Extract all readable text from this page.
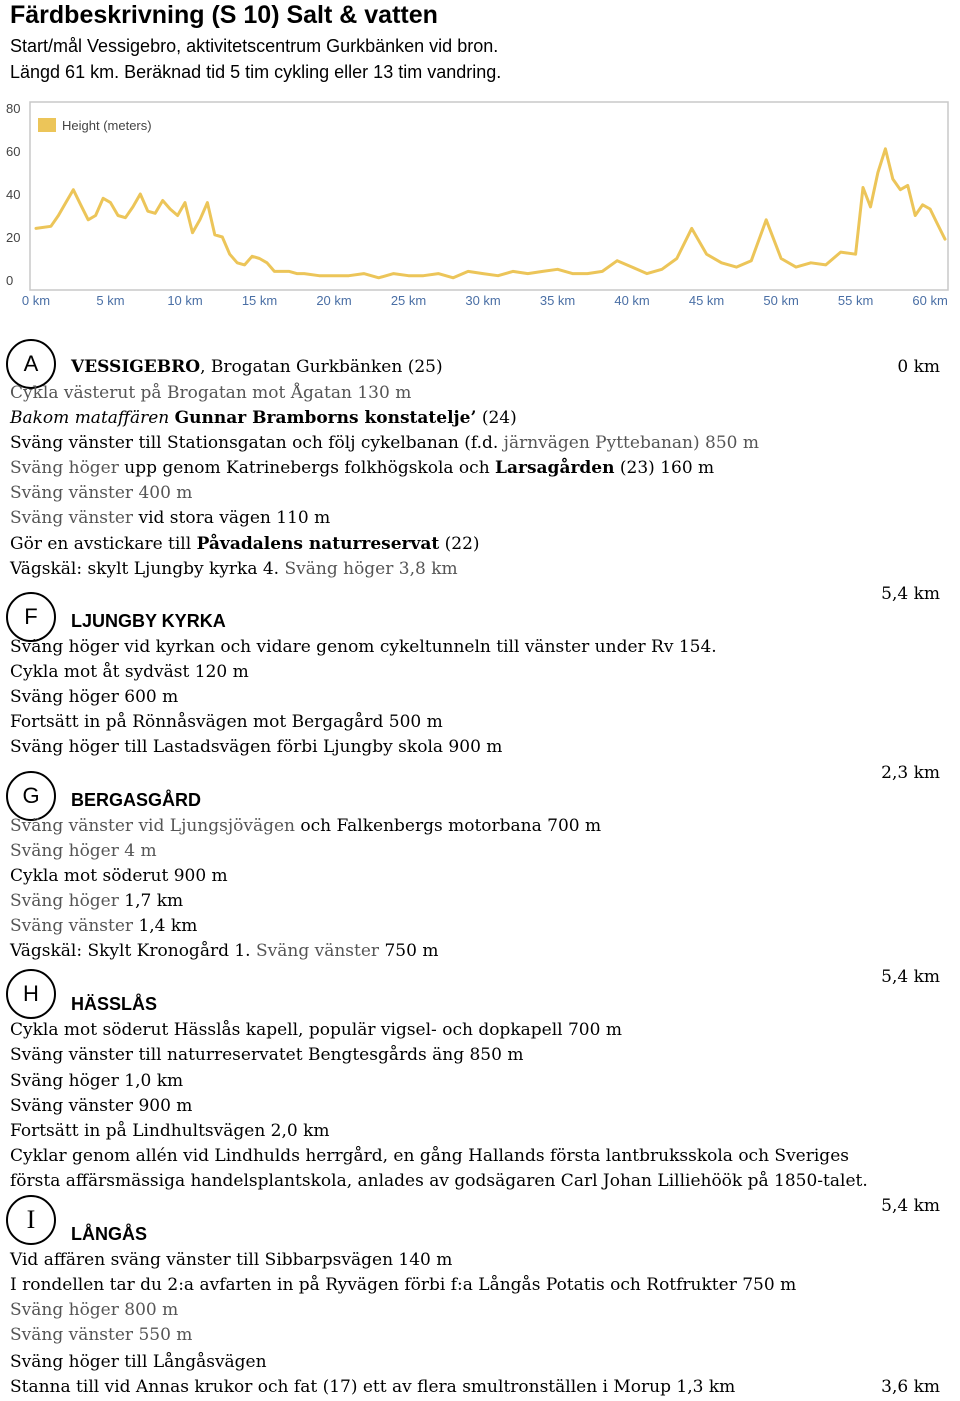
Färdbeskrivning (S 10) Salt & vatten
Start/mål Vessigebro, aktivitetscentrum Gurkbänken vid bron.
Längd 61 km. Beräknad tid 5 tim cykling eller 13 tim vandring.
0
20
40
60
80
0 km	5 km	10 km	15 km	20 km	25 km	30 km	35 km	40 km	45 km	50 km	55 km	60 km
Height (meters)
A VESSIGEBRO, Brogatan Gurkbänken (25)	0 km
Cykla västerut på Brogatan mot Ågatan 130 m
Bakom mataffären Gunnar Bramborns konstatelje’ (24)
Sväng vänster till Stationsgatan och följ cykelbanan (f.d. järnvägen Pyttebanan) 850 m
Sväng höger upp genom Katrinebergs folkhögskola och Larsagården (23) 160 m
Sväng vänster 400 m
Sväng vänster vid stora vägen 110 m
Gör en avstickare till Påvadalens naturreservat (22)
Vägskäl: skylt Ljungby kyrka 4. Sväng höger 3,8 km
5,4 km
F LJUNGBY KYRKA
Sväng höger vid kyrkan och vidare genom cykeltunneln till vänster under Rv 154.
Cykla mot åt sydväst 120 m
Sväng höger 600 m
Fortsätt in på Rönnåsvägen mot Bergagård 500 m
Sväng höger till Lastadsvägen förbi Ljungby skola 900 m
2,3 km
G BERGASGÅRD
Sväng vänster vid Ljungsjövägen och Falkenbergs motorbana 700 m
Sväng höger 4 m
Cykla mot söderut 900 m
Sväng höger 1,7 km
Sväng vänster 1,4 km
Vägskäl: Skylt Kronogård 1. Sväng vänster 750 m
5,4 km
H HÄSSLÅS
Cykla mot söderut Hässlås kapell, populär vigsel- och dopkapell 700 m
Sväng vänster till naturreservatet Bengtesgårds äng 850 m
Sväng höger 1,0 km
Sväng vänster 900 m
Fortsätt in på Lindhultsvägen 2,0 km
Cyklar genom allén vid Lindhulds herrgård, en gång Hallands första lantbruksskola och Sveriges
första affärsmässiga handelsplantskola, anlades av godsägaren Carl Johan Lilliehöök på 1850-talet.
5,4 km
I LÅNGÅS
Vid affären sväng vänster till Sibbarpsvägen 140 m
I rondellen tar du 2:a avfarten in på Ryvägen förbi f:a Långås Potatis och Rotfrukter 750 m
Sväng höger 800 m
Sväng vänster 550 m
Sväng höger till Långåsvägen
Stanna till vid Annas krukor och fat (17) ett av flera smultronställen i Morup 1,3 km	3,6 km
